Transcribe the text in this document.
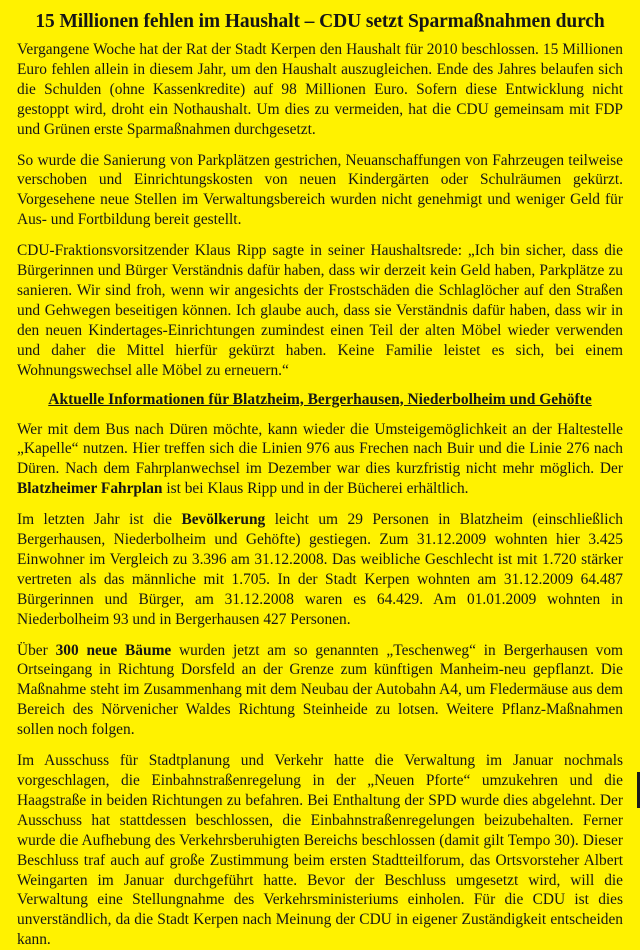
15 Millionen fehlen im Haushalt – CDU setzt Sparmaßnahmen durch

Vergangene Woche hat der Rat der Stadt Kerpen den Haushalt für 2010 beschlossen. 15 Millionen Euro fehlen allein in diesem Jahr, um den Haushalt auszugleichen. Ende des Jahres belaufen sich die Schulden (ohne Kassenkredite) auf 98 Millionen Euro. Sofern diese Entwicklung nicht gestoppt wird, droht ein Nothaushalt. Um dies zu vermeiden, hat die CDU gemeinsam mit FDP und Grünen erste Sparmaßnahmen durchgesetzt.

So wurde die Sanierung von Parkplätzen gestrichen, Neuanschaffungen von Fahrzeugen teilweise verschoben und Einrichtungskosten von neuen Kindergärten oder Schulräumen gekürzt. Vorgesehene neue Stellen im Verwaltungsbereich wurden nicht genehmigt und weniger Geld für Aus- und Fortbildung bereit gestellt.

CDU-Fraktionsvorsitzender Klaus Ripp sagte in seiner Haushaltsrede: „Ich bin sicher, dass die Bürgerinnen und Bürger Verständnis dafür haben, dass wir derzeit kein Geld haben, Parkplätze zu sanieren. Wir sind froh, wenn wir angesichts der Frostschäden die Schlaglöcher auf den Straßen und Gehwegen beseitigen können. Ich glaube auch, dass sie Verständnis dafür haben, dass wir in den neuen Kindertages-Einrichtungen zumindest einen Teil der alten Möbel wieder verwenden und daher die Mittel hierfür gekürzt haben. Keine Familie leistet es sich, bei einem Wohnungswechsel alle Möbel zu erneuern.“

Aktuelle Informationen für Blatzheim, Bergerhausen, Niederbolheim und Gehöfte

Wer mit dem Bus nach Düren möchte, kann wieder die Umsteigemöglichkeit an der Haltestelle „Kapelle“ nutzen. Hier treffen sich die Linien 976 aus Frechen nach Buir und die Linie 276 nach Düren. Nach dem Fahrplanwechsel im Dezember war dies kurzfristig nicht mehr möglich. Der Blatzheimer Fahrplan ist bei Klaus Ripp und in der Bücherei erhältlich.

Im letzten Jahr ist die Bevölkerung leicht um 29 Personen in Blatzheim (einschließlich Bergerhausen, Niederbolheim und Gehöfte) gestiegen. Zum 31.12.2009 wohnten hier 3.425 Einwohner im Vergleich zu 3.396 am 31.12.2008. Das weibliche Geschlecht ist mit 1.720 stärker vertreten als das männliche mit 1.705. In der Stadt Kerpen wohnten am 31.12.2009 64.487 Bürgerinnen und Bürger, am 31.12.2008 waren es 64.429. Am 01.01.2009 wohnten in Niederbolheim 93 und in Bergerhausen 427 Personen.

Über 300 neue Bäume wurden jetzt am so genannten „Teschenweg“ in Bergerhausen vom Ortseingang in Richtung Dorsfeld an der Grenze zum künftigen Manheim-neu gepflanzt. Die Maßnahme steht im Zusammenhang mit dem Neubau der Autobahn A4, um Fledermäuse aus dem Bereich des Nörvenicher Waldes Richtung Steinheide zu lotsen. Weitere Pflanz-Maßnahmen sollen noch folgen.

Im Ausschuss für Stadtplanung und Verkehr hatte die Verwaltung im Januar nochmals vorgeschlagen, die Einbahnstraßenregelung in der „Neuen Pforte“ umzukehren und die Haagstraße in beiden Richtungen zu befahren. Bei Enthaltung der SPD wurde dies abgelehnt. Der Ausschuss hat stattdessen beschlossen, die Einbahnstraßenregelungen beizubehalten. Ferner wurde die Aufhebung des Verkehrsberuhigten Bereichs beschlossen (damit gilt Tempo 30). Dieser Beschluss traf auch auf große Zustimmung beim ersten Stadtteilforum, das Ortsvorsteher Albert Weingarten im Januar durchgeführt hatte. Bevor der Beschluss umgesetzt wird, will die Verwaltung eine Stellungnahme des Verkehrsministeriums einholen. Für die CDU ist dies unverständlich, da die Stadt Kerpen nach Meinung der CDU in eigener Zuständigkeit entscheiden kann.
